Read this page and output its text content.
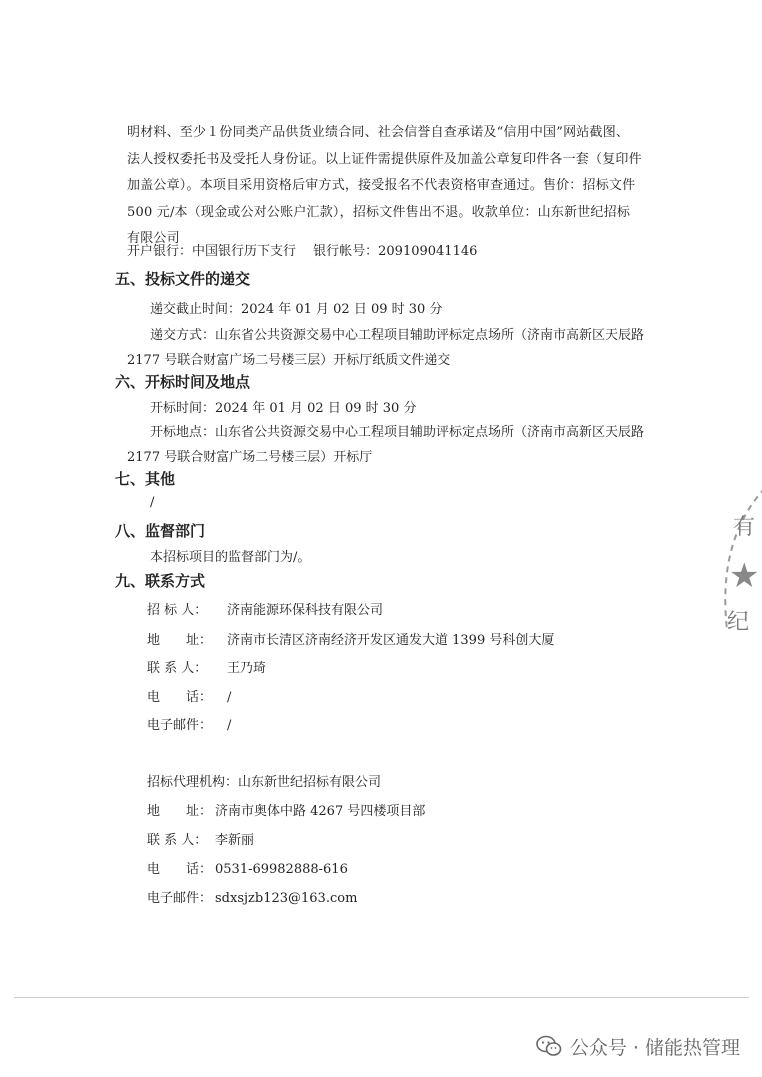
明材料、至少１份同类产品供货业绩合同、社会信誉自查承诺及“信用中国”网站截图、法人授权委托书及受托人身份证。以上证件需提供原件及加盖公章复印件各一套（复印件加盖公章）。本项目采用资格后审方式，接受报名不代表资格审查通过。售价：招标文件 500 元/本（现金或公对公账户汇款），招标文件售出不退。收款单位：山东新世纪招标有限公司
开户银行：中国银行历下支行　 银行帐号：209109041146
五、投标文件的递交
递交截止时间：2024 年 01 月 02 日 09 时 30 分
递交方式：山东省公共资源交易中心工程项目辅助评标定点场所（济南市高新区天辰路
2177 号联合财富广场二号楼三层）开标厅纸质文件递交
六、开标时间及地点
开标时间：2024 年 01 月 02 日 09 时 30 分
开标地点：山东省公共资源交易中心工程项目辅助评标定点场所（济南市高新区天辰路
2177 号联合财富广场二号楼三层）开标厅
七、其他
/
八、监督部门
本招标项目的监督部门为/。
九、联系方式
招 标 人： 济南能源环保科技有限公司
地　　址： 济南市长清区济南经济开发区通发大道 1399 号科创大厦
联 系 人： 王乃琦
电　　话： /
电子邮件： /
招标代理机构：山东新世纪招标有限公司
地　　址： 济南市奥体中路 4267 号四楼项目部
联 系 人： 李新丽
电　　话： 0531-69982888-616
电子邮件： sdxsjzb123@163.com
有
★
纪
公众号 · 储能热管理
